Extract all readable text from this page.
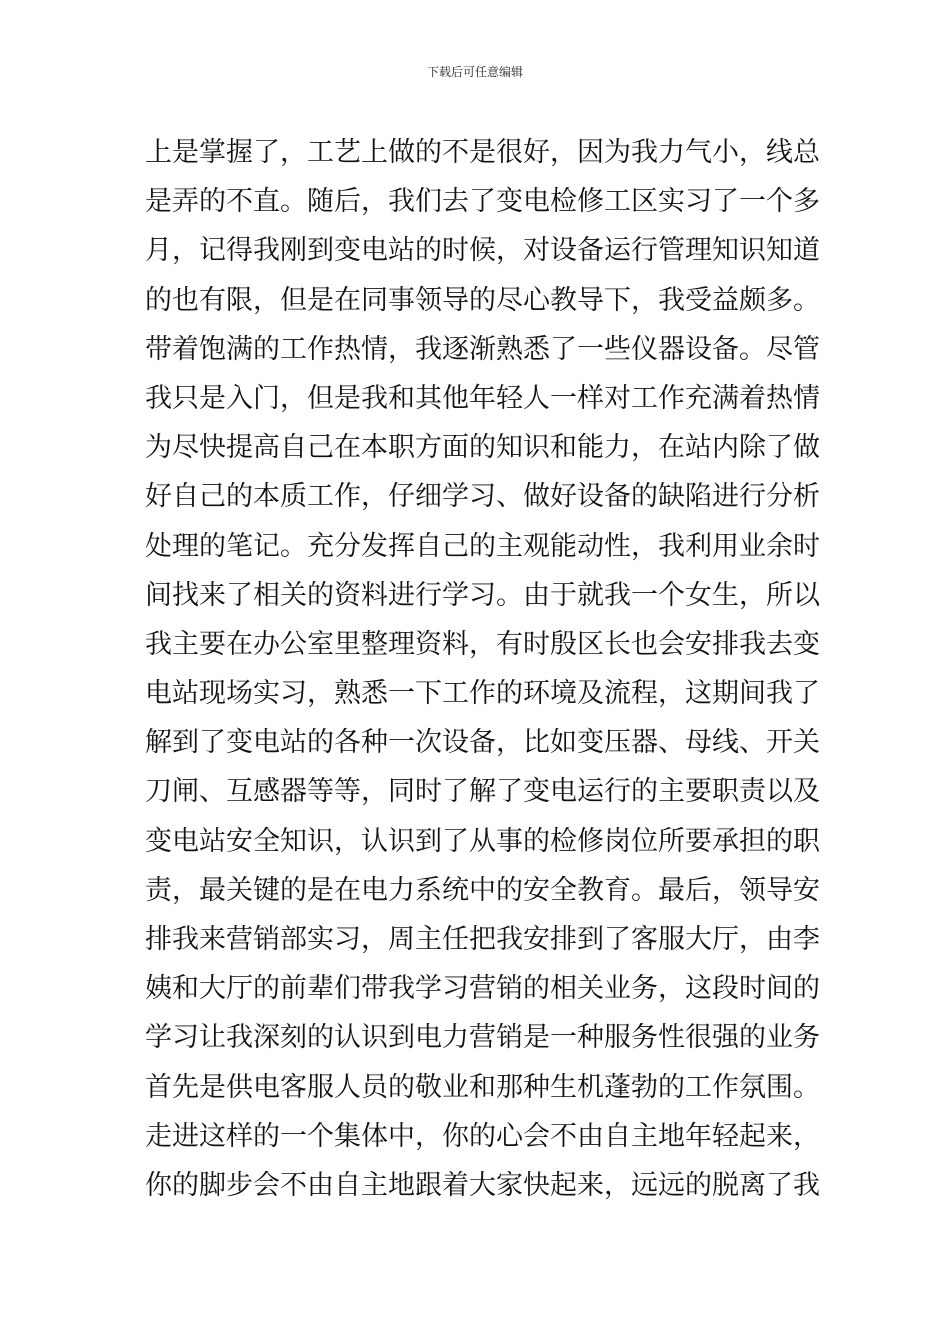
下载后可任意编辑
上是掌握了，工艺上做的不是很好，因为我力气小，线总
是弄的不直。随后，我们去了变电检修工区实习了一个多
月，记得我刚到变电站的时候，对设备运行管理知识知道
的也有限，但是在同事领导的尽心教导下，我受益颇多。
带着饱满的工作热情，我逐渐熟悉了一些仪器设备。尽管
我只是入门，但是我和其他年轻人一样对工作充满着热情
为尽快提高自己在本职方面的知识和能力，在站内除了做
好自己的本质工作，仔细学习、做好设备的缺陷进行分析
处理的笔记。充分发挥自己的主观能动性，我利用业余时
间找来了相关的资料进行学习。由于就我一个女生，所以
我主要在办公室里整理资料，有时殷区长也会安排我去变
电站现场实习，熟悉一下工作的环境及流程，这期间我了
解到了变电站的各种一次设备，比如变压器、母线、开关
刀闸、互感器等等，同时了解了变电运行的主要职责以及
变电站安全知识，认识到了从事的检修岗位所要承担的职
责，最关键的是在电力系统中的安全教育。最后，领导安
排我来营销部实习，周主任把我安排到了客服大厅，由李
姨和大厅的前辈们带我学习营销的相关业务，这段时间的
学习让我深刻的认识到电力营销是一种服务性很强的业务
首先是供电客服人员的敬业和那种生机蓬勃的工作氛围。
走进这样的一个集体中，你的心会不由自主地年轻起来，
你的脚步会不由自主地跟着大家快起来，远远的脱离了我
